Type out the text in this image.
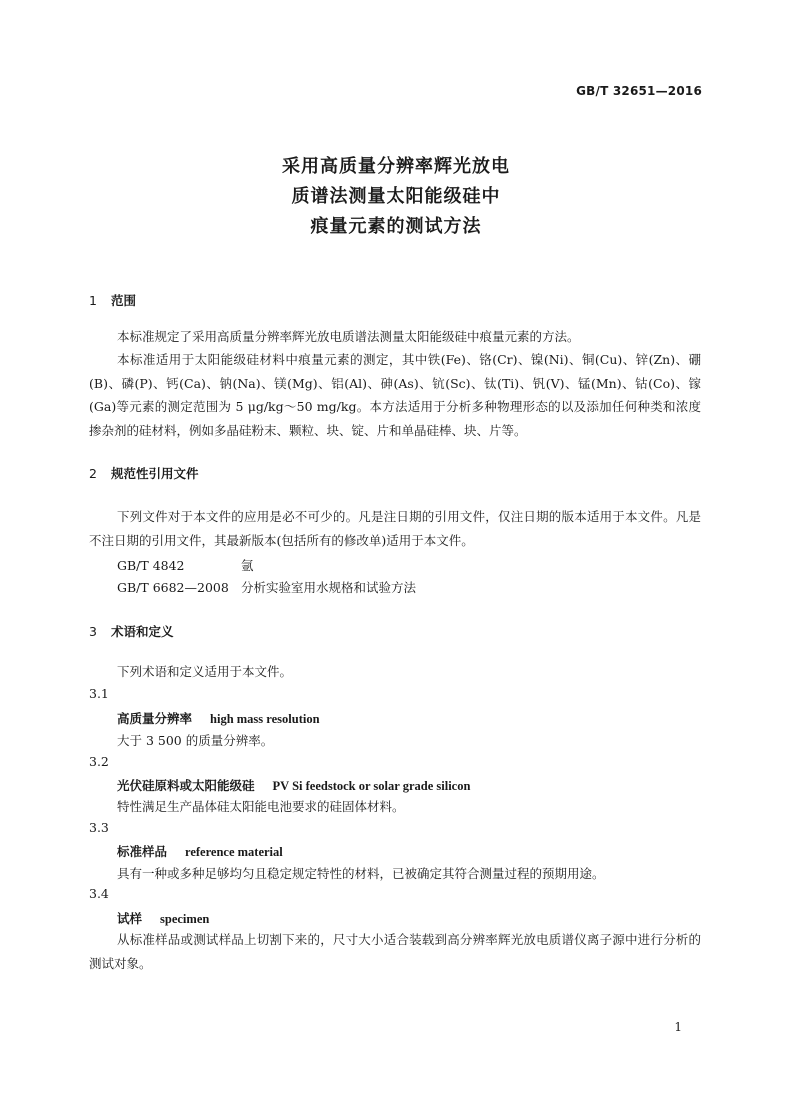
GB/T 32651—2016
采用高质量分辨率辉光放电
质谱法测量太阳能级硅中
痕量元素的测试方法
1 范围
本标准规定了采用高质量分辨率辉光放电质谱法测量太阳能级硅中痕量元素的方法。
本标准适用于太阳能级硅材料中痕量元素的测定，其中铁(Fe)、铬(Cr)、镍(Ni)、铜(Cu)、锌(Zn)、硼(B)、磷(P)、钙(Ca)、钠(Na)、镁(Mg)、铝(Al)、砷(As)、钪(Sc)、钛(Ti)、钒(V)、锰(Mn)、钴(Co)、镓(Ga)等元素的测定范围为 5 μg/kg～50 mg/kg。本方法适用于分析多种物理形态的以及添加任何种类和浓度掺杂剂的硅材料，例如多晶硅粉末、颗粒、块、锭、片和单晶硅棒、块、片等。
2 规范性引用文件
下列文件对于本文件的应用是必不可少的。凡是注日期的引用文件，仅注日期的版本适用于本文件。凡是不注日期的引用文件，其最新版本(包括所有的修改单)适用于本文件。
GB/T 4842	氩
GB/T 6682—2008 分析实验室用水规格和试验方法
3 术语和定义
下列术语和定义适用于本文件。
3.1
高质量分辨率 high mass resolution
大于 3 500 的质量分辨率。
3.2
光伏硅原料或太阳能级硅 PV Si feedstock or solar grade silicon
特性满足生产晶体硅太阳能电池要求的硅固体材料。
3.3
标准样品 reference material
具有一种或多种足够均匀且稳定规定特性的材料，已被确定其符合测量过程的预期用途。
3.4
试样 specimen
从标准样品或测试样品上切割下来的，尺寸大小适合装载到高分辨率辉光放电质谱仪离子源中进行分析的测试对象。
1
